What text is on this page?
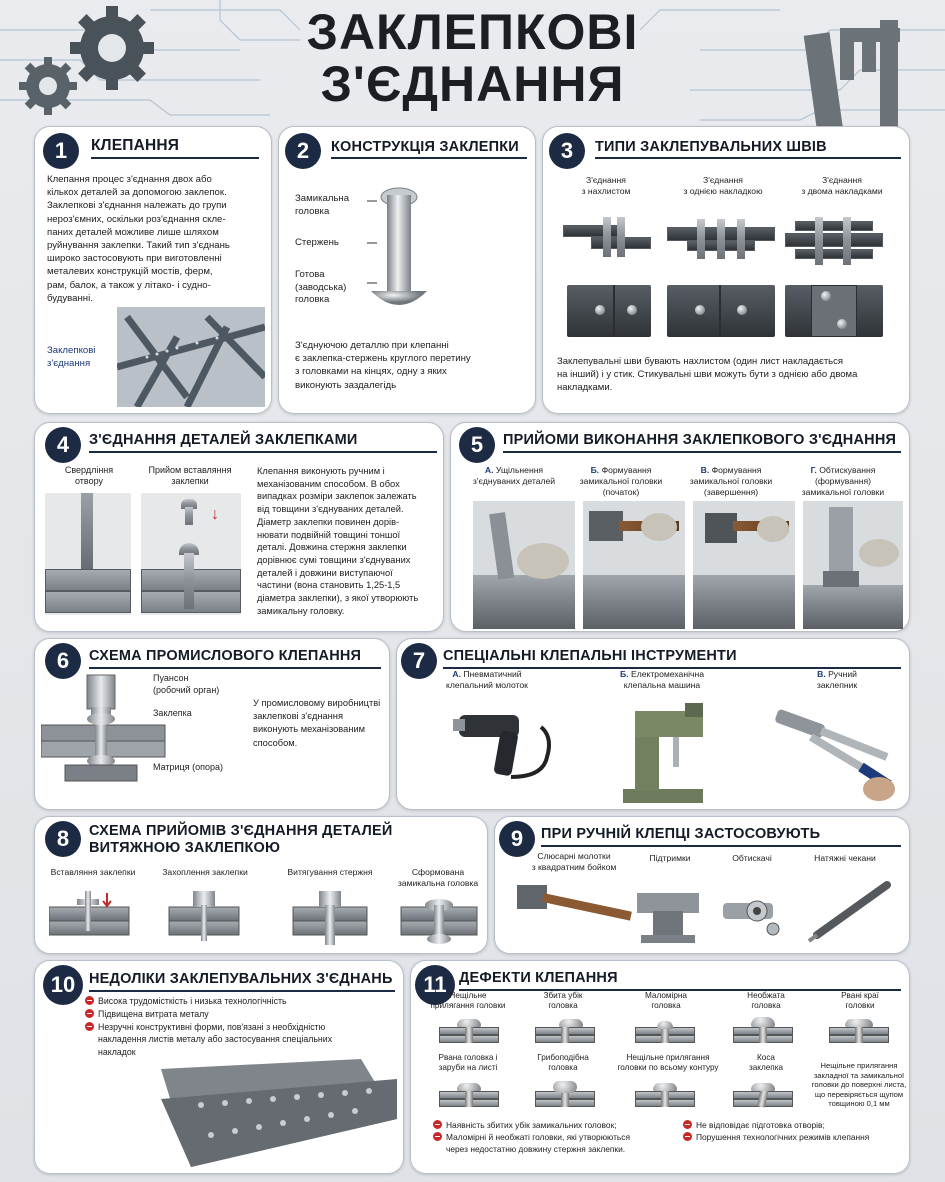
ЗАКЛЕПКОВІ
З'ЄДНАННЯ
1	КЛЕПАННЯ
Клепання процес з'єднання двох або
кількох деталей за допомогою заклепок.
Заклепкові з'єднання належать до групи
нероз'ємних, оскільки роз'єднання скле-
паних деталей можливе лише шляхом
руйнування заклепки. Такий тип з'єднань
широко застосовують при виготовленні
металевих конструкцій мостів, ферм,
рам, балок, а також у літако- і судно-
будуванні.
Заклепкові
з'єднання
2	КОНСТРУКЦІЯ ЗАКЛЕПКИ
Замикальна
головка
Стержень
Готова
(заводська)
головка
З'єднуючою деталлю при клепанні
є заклепка-стержень круглого перетину
з головками на кінцях, одну з яких
виконують заздалегідь
3	ТИПИ ЗАКЛЕПУВАЛЬНИХ ШВІВ
З'єднання
з нахлистом
З'єднання
з однією накладкою
З'єднання
з двома накладками
Заклепувальні шви бувають нахлистом (один лист накладається
на інший) і у стик. Стикувальні шви можуть бути з однією або двома
накладками.
4	З'ЄДНАННЯ ДЕТАЛЕЙ ЗАКЛЕПКАМИ
Свердління
отвору
Прийом вставляння
заклепки
↓
Клепання виконують ручним і
механізованим способом. В обох
випадках розміри заклепок залежать
від товщини з'єднуваних деталей.
Діаметр заклепки повинен дорів-
нювати подвійній товщині тоншої
деталі. Довжина стержня заклепки
дорівнює сумі товщини з'єднуваних
деталей і довжини виступаючої
частини (вона становить 1,25-1,5
діаметра заклепки), з якої утворюють
замикальну головку.
5	ПРИЙОМИ ВИКОНАННЯ ЗАКЛЕПКОВОГО З'ЄДНАННЯ
А. Ущільнення
з'єднуваних деталей
Б. Формування
замикальної головки
(початок)
В. Формування
замикальної головки
(завершення)
Г. Обтискування
(формування)
замикальної головки
6	СХЕМА ПРОМИСЛОВОГО КЛЕПАННЯ
Пуансон
(робочий орган)
Заклепка
Матриця (опора)
У промисловому виробництві
заклепкові з'єднання
виконують механізованим
способом.
7	СПЕЦІАЛЬНІ КЛЕПАЛЬНІ ІНСТРУМЕНТИ
А. Пневматичний
клепальний молоток
Б. Електромеханічна
клепальна машина
В. Ручний
заклепник
8	СХЕМА ПРИЙОМІВ З'ЄДНАННЯ ДЕТАЛЕЙ
ВИТЯЖНОЮ ЗАКЛЕПКОЮ
Вставляння заклепки	Захоплення заклепки	Витягування стержня	Сформована
замикальна головка
9	ПРИ РУЧНІЙ КЛЕПЦІ ЗАСТОСОВУЮТЬ
Слюсарні молотки
з квадратним бойком
Підтримки	Обтискачі	Натяжні чекани
10 НЕДОЛІКИ ЗАКЛЕПУВАЛЬНИХ З'ЄДНАНЬ
Висока трудомісткість і низька технологічність
Підвищена витрата металу
Незручні конструктивні форми, пов'язані з необхідністю
накладення листів металу або застосування спеціальних
накладок
11 ДЕФЕКТИ КЛЕПАННЯ
Нещільне
прилягання головки
Збита убік
головка
Маломірна
головка
Необжата
головка
Рвані краї
головки
Рвана головка і
заруби на листі
Грибоподібна
головка
Нещільне прилягання
головки по всьому контуру
Коса
заклепка	Нещільне прилягання
закладної та замикальної
головки до поверхні листа,
що перевіряється щупом
товщиною 0,1 мм
Наявність збитих убік замикальних головок;
Маломірні й необжаті головки, які утворюються
через недостатню довжину стержня заклепки.
Не відповідає підготовка отворів;
Порушення технологічних режимів клепання
